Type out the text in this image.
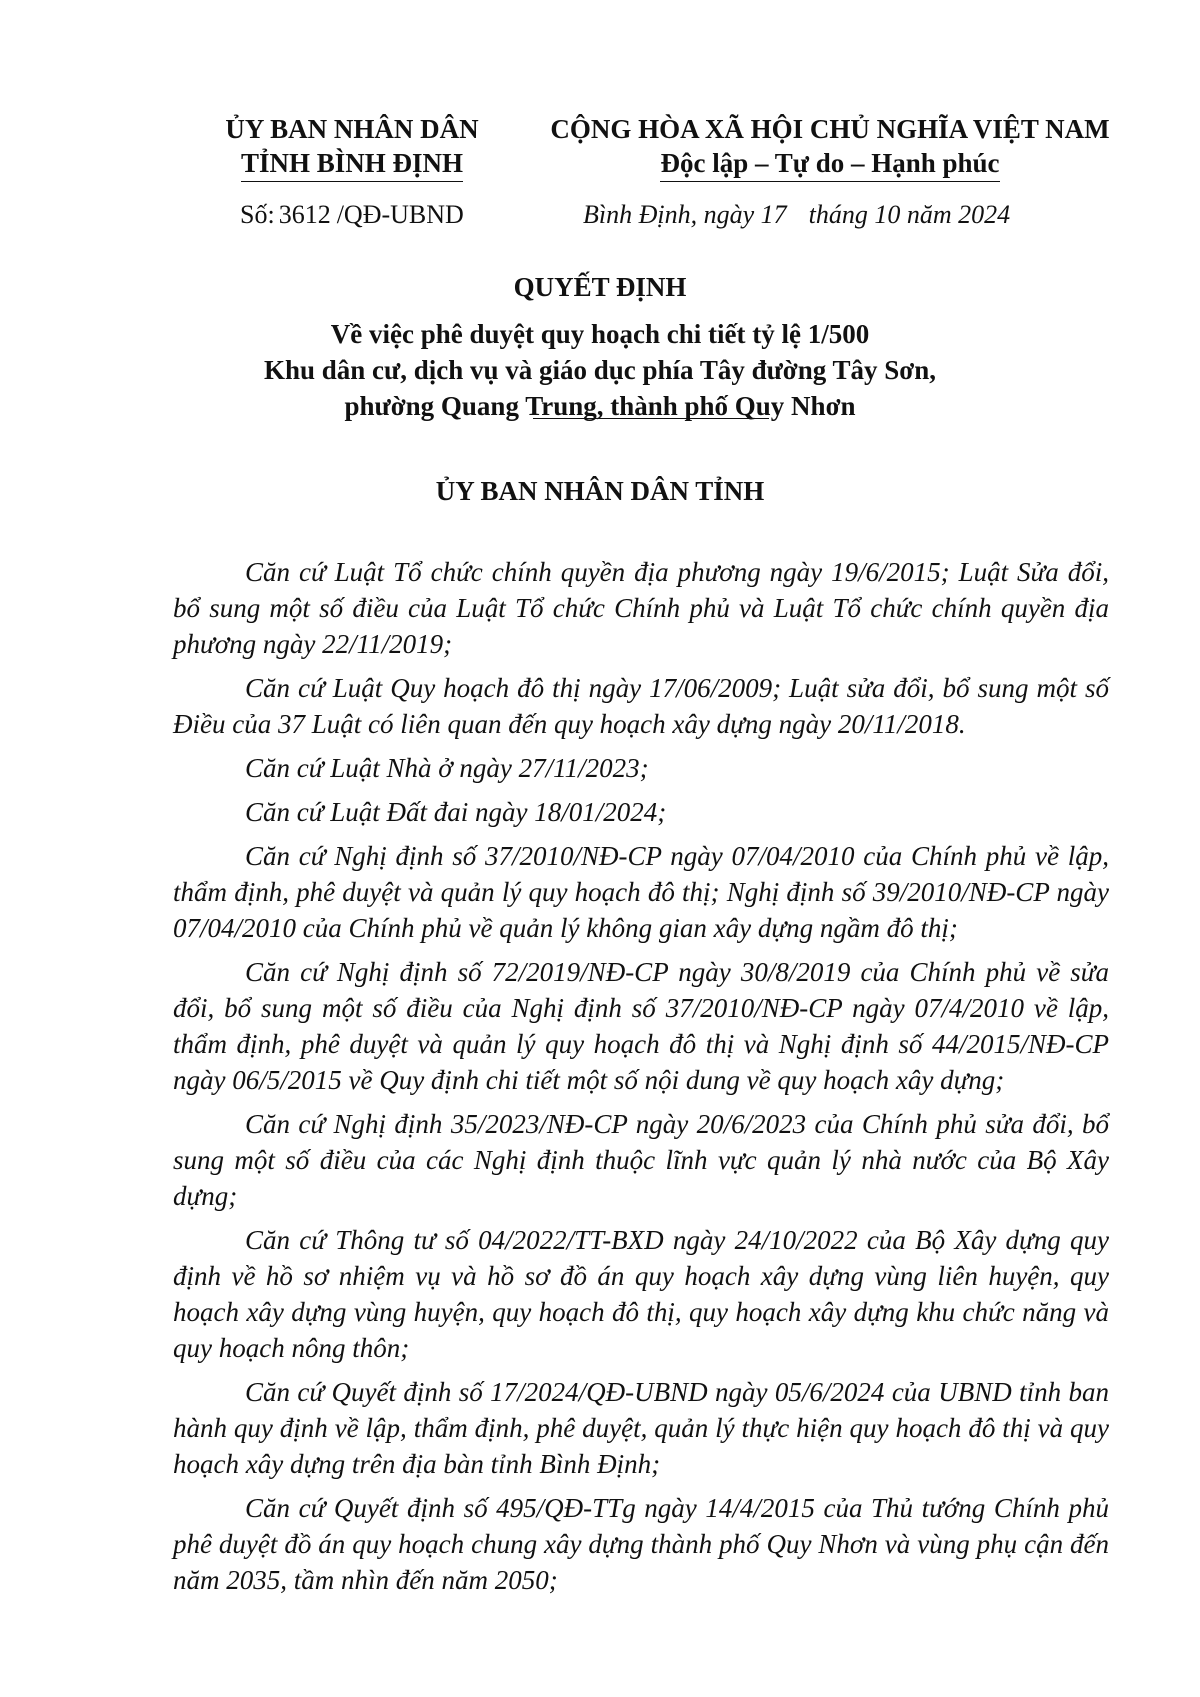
ỦY BAN NHÂN DÂN
TỈNH BÌNH ĐỊNH
CỘNG HÒA XÃ HỘI CHỦ NGHĨA VIỆT NAM
Độc lập – Tự do – Hạnh phúc
Số: 3612 /QĐ-UBND	Bình Định, ngày 17 tháng 10 năm 2024
QUYẾT ĐỊNH
Về việc phê duyệt quy hoạch chi tiết tỷ lệ 1/500
Khu dân cư, dịch vụ và giáo dục phía Tây đường Tây Sơn,
phường Quang Trung, thành phố Quy Nhơn
ỦY BAN NHÂN DÂN TỈNH

Căn cứ Luật Tổ chức chính quyền địa phương ngày 19/6/2015; Luật Sửa đổi, bổ sung một số điều của Luật Tổ chức Chính phủ và Luật Tổ chức chính quyền địa phương ngày 22/11/2019;

Căn cứ Luật Quy hoạch đô thị ngày 17/06/2009; Luật sửa đổi, bổ sung một số Điều của 37 Luật có liên quan đến quy hoạch xây dựng ngày 20/11/2018.

Căn cứ Luật Nhà ở ngày 27/11/2023;

Căn cứ Luật Đất đai ngày 18/01/2024;

Căn cứ Nghị định số 37/2010/NĐ-CP ngày 07/04/2010 của Chính phủ về lập, thẩm định, phê duyệt và quản lý quy hoạch đô thị; Nghị định số 39/2010/NĐ-CP ngày 07/04/2010 của Chính phủ về quản lý không gian xây dựng ngầm đô thị;

Căn cứ Nghị định số 72/2019/NĐ-CP ngày 30/8/2019 của Chính phủ về sửa đổi, bổ sung một số điều của Nghị định số 37/2010/NĐ-CP ngày 07/4/2010 về lập, thẩm định, phê duyệt và quản lý quy hoạch đô thị và Nghị định số 44/2015/NĐ-CP ngày 06/5/2015 về Quy định chi tiết một số nội dung về quy hoạch xây dựng;

Căn cứ Nghị định 35/2023/NĐ-CP ngày 20/6/2023 của Chính phủ sửa đổi, bổ sung một số điều của các Nghị định thuộc lĩnh vực quản lý nhà nước của Bộ Xây dựng;

Căn cứ Thông tư số 04/2022/TT-BXD ngày 24/10/2022 của Bộ Xây dựng quy định về hồ sơ nhiệm vụ và hồ sơ đồ án quy hoạch xây dựng vùng liên huyện, quy hoạch xây dựng vùng huyện, quy hoạch đô thị, quy hoạch xây dựng khu chức năng và quy hoạch nông thôn;

Căn cứ Quyết định số 17/2024/QĐ-UBND ngày 05/6/2024 của UBND tỉnh ban hành quy định về lập, thẩm định, phê duyệt, quản lý thực hiện quy hoạch đô thị và quy hoạch xây dựng trên địa bàn tỉnh Bình Định;

Căn cứ Quyết định số 495/QĐ-TTg ngày 14/4/2015 của Thủ tướng Chính phủ phê duyệt đồ án quy hoạch chung xây dựng thành phố Quy Nhơn và vùng phụ cận đến năm 2035, tầm nhìn đến năm 2050;
